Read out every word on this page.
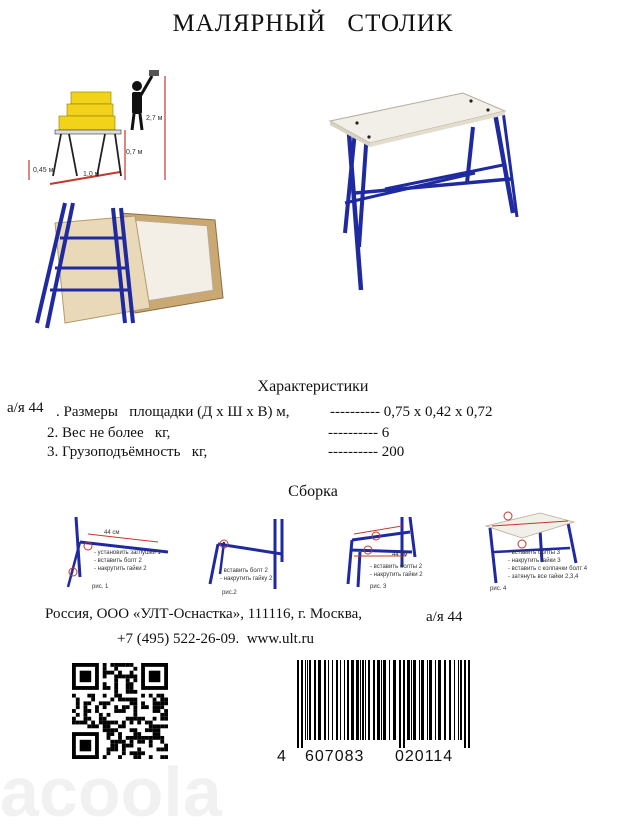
МАЛЯРНЫЙ СТОЛИК
2,7 м
0,7 м
0,45 м
1,0 м
Характеристики
а/я 44 . Размеры   площадки (Д х Ш х В) м,	---------- 0,75 х 0,42 х 0,72
2. Вес не более   кг,	---------- 6
3. Грузоподъёмность   кг,	---------- 200
Сборка
44 см
- установить заглушки 1
- вставить болт 2
- накрутить гайки 2
рис. 1
- вставить болт 2
- накрутить гайку 2
рис.2
44 см
- вставить болты 2
- накрутить гайки 2
рис. 3
- вставить болты 3
- накрутить гайки 3
- вставить с колпачки болт 4
- затянуть все гайки 2,3,4
рис. 4
Россия, ООО «УЛТ-Оснастка», 111116, г. Москва,	а/я 44
+7 (495) 522-26-09.  www.ult.ru
4 607083 020114
acoola
